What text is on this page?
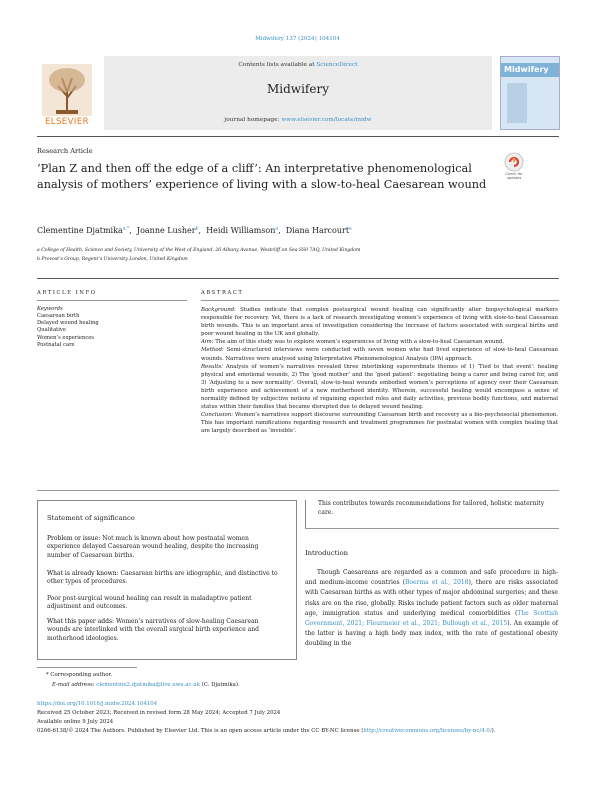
Midwifery 137 (2024) 104104
Contents lists available at ScienceDirect
Midwifery
journal homepage: www.elsevier.com/locate/midw
ELSEVIER
Midwifery
Research Article
‘Plan Z and then off the edge of a cliff’: An interpretative phenomenological analysis of mothers’ experience of living with a slow-to-heal Caesarean wound
Check for updates
Clementine Djatmika$^{a,*}$,  Joanne Lusher$^b$,  Heidi Williamson$^a$,  Diana Harcourt$^a$
a College of Health, Science and Society, University of the West of England, 26 Albany Avenue, Westcliff on Sea SS0 7AQ, United Kingdom
b Provost’s Group, Regent’s University London, United Kingdom
ARTICLE INFO	ABSTRACT
Keywords
Caesarean birth
Delayed wound healing
Qualitative
Women’s experiences
Postnatal care

Background: Studies indicate that complex postsurgical wound healing can significantly alter biopsychological markers responsible for recovery. Yet, there is a lack of research investigating women’s experience of living with slow-to-heal Caesarean birth wounds. This is an important area of investigation considering the increase of factors associated with surgical births and poor wound healing in the UK and globally.

Aim: The aim of this study was to explore women’s experiences of living with a slow-to-heal Caesarean wound.

Method: Semi-structured interviews were conducted with seven women who had lived experience of slow-to-heal Caesarean wounds. Narratives were analysed using Interpretative Phenomenological Analysis (IPA) approach.

Results: Analysis of women’s narratives revealed three interlinking superordinate themes of 1) ‘Tied to that event’: healing physical and emotional wounds, 2) The ‘good mother’ and the ‘good patient’: negotiating being a carer and being cared for, and 3) ‘Adjusting to a new normality’. Overall, slow-to-heal wounds embodied women’s perceptions of agency over their Caesarean birth experience and achievement of a new motherhood identity. Wherein, successful healing would encompass a sense of normality defined by subjective notions of regaining expected roles and daily activities, previous bodily functions, and maternal status within their families that became disrupted due to delayed wound healing.

Conclusion: Women’s narratives support discourse surrounding Caesarean birth and recovery as a bio-psychosocial phenomenon. This has important ramifications regarding research and treatment programmes for postnatal women with complex healing that are largely described as ‘invisible’.

Statement of significance
Problem or issue: Not much is known about how postnatal women experience delayed Caesarean wound healing, despite the increasing number of Caesarean births.
What is already known: Caesarean births are idiographic, and distinctive to other types of procedures.
Poor post-surgical wound healing can result in maladaptive patient adjustment and outcomes.
What this paper adds: Women’s narratives of slow-healing Caesarean wounds are interlinked with the overall surgical birth experience and motherhood ideologies.
This contributes towards recommendations for tailored, holistic maternity care.
Introduction
Though Caesareans are regarded as a common and safe procedure in high- and medium-income countries (Boerma et al., 2018), there are risks associated with Caesarean births as with other types of major abdominal surgeries; and these risks are on the rise, globally. Risks include patient factors such as older maternal age, immigration status and underlying medical comorbidities (The Scottish Government, 2021; Fleurmeier et al., 2021; Bullough et al., 2015). An example of the latter is having a high body max index, with the rate of gestational obesity doubling in the
* Corresponding author.
E-mail address: clementine2.djatmika@live.uwe.ac.uk (C. Djatmika).
https://doi.org/10.1016/j.midw.2024.104104
Received 25 October 2023; Received in revised form 28 May 2024; Accepted 7 July 2024
Available online 9 July 2024
0266-6138/© 2024 The Authors. Published by Elsevier Ltd. This is an open access article under the CC BY-NC license (http://creativecommons.org/licenses/by-nc/4.0/).
